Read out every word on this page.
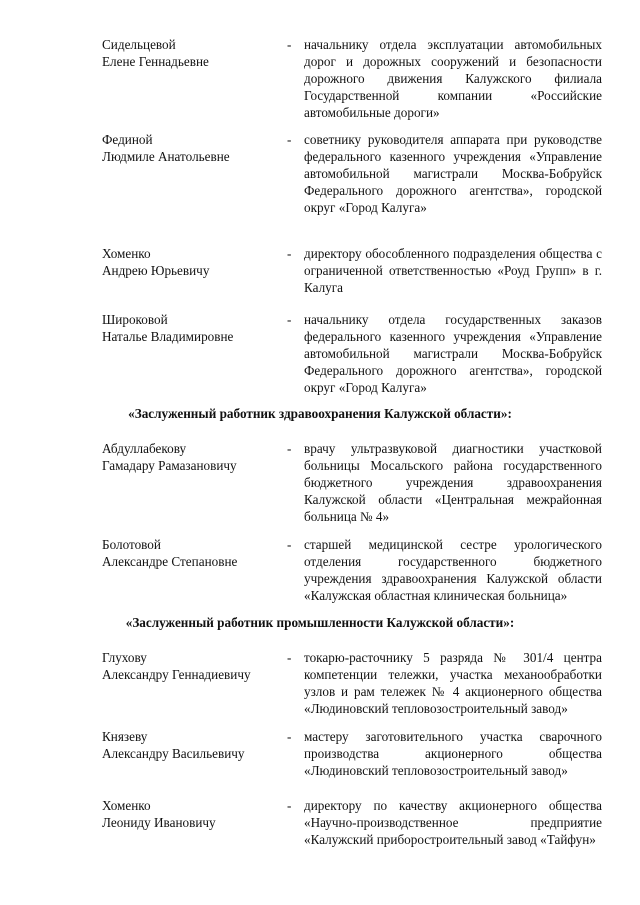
Сидельцевой
Елене Геннадьевне
- начальнику отдела эксплуатации автомобильных дорог и дорожных сооружений и безопасности дорожного движения Калужского филиала Государственной компании «Российские автомобильные дороги»
Фединой
Людмиле Анатольевне
- советнику руководителя аппарата при руководстве федерального казенного учреждения «Управление автомобильной магистрали Москва-Бобруйск Федерального дорожного агентства», городской округ «Город Калуга»
Хоменко
Андрею Юрьевичу
- директору обособленного подразделения общества с ограниченной ответственностью «Роуд Групп» в г. Калуга
Широковой
Наталье Владимировне
- начальнику отдела государственных заказов федерального казенного учреждения «Управление автомобильной магистрали Москва-Бобруйск Федерального дорожного агентства», городской округ «Город Калуга»
«Заслуженный работник здравоохранения Калужской области»:
Абдуллабекову
Гамадару Рамазановичу
- врачу ультразвуковой диагностики участковой больницы Мосальского района государственного бюджетного учреждения здравоохранения Калужской области «Центральная межрайонная больница № 4»
Болотовой
Александре Степановне
- старшей медицинской сестре урологического отделения государственного бюджетного учреждения здравоохранения Калужской области «Калужская областная клиническая больница»
«Заслуженный работник промышленности Калужской области»:
Глухову
Александру Геннадиевичу
- токарю-расточнику 5 разряда № 301/4 центра компетенции тележки, участка механообработки узлов и рам тележек № 4 акционерного общества «Людиновский тепловозостроительный завод»
Князеву
Александру Васильевичу
- мастеру заготовительного участка сварочного производства акционерного общества «Людиновский тепловозостроительный завод»
Хоменко
Леониду Ивановичу
- директору по качеству акционерного общества «Научно-производственное предприятие «Калужский приборостроительный завод «Тайфун»
